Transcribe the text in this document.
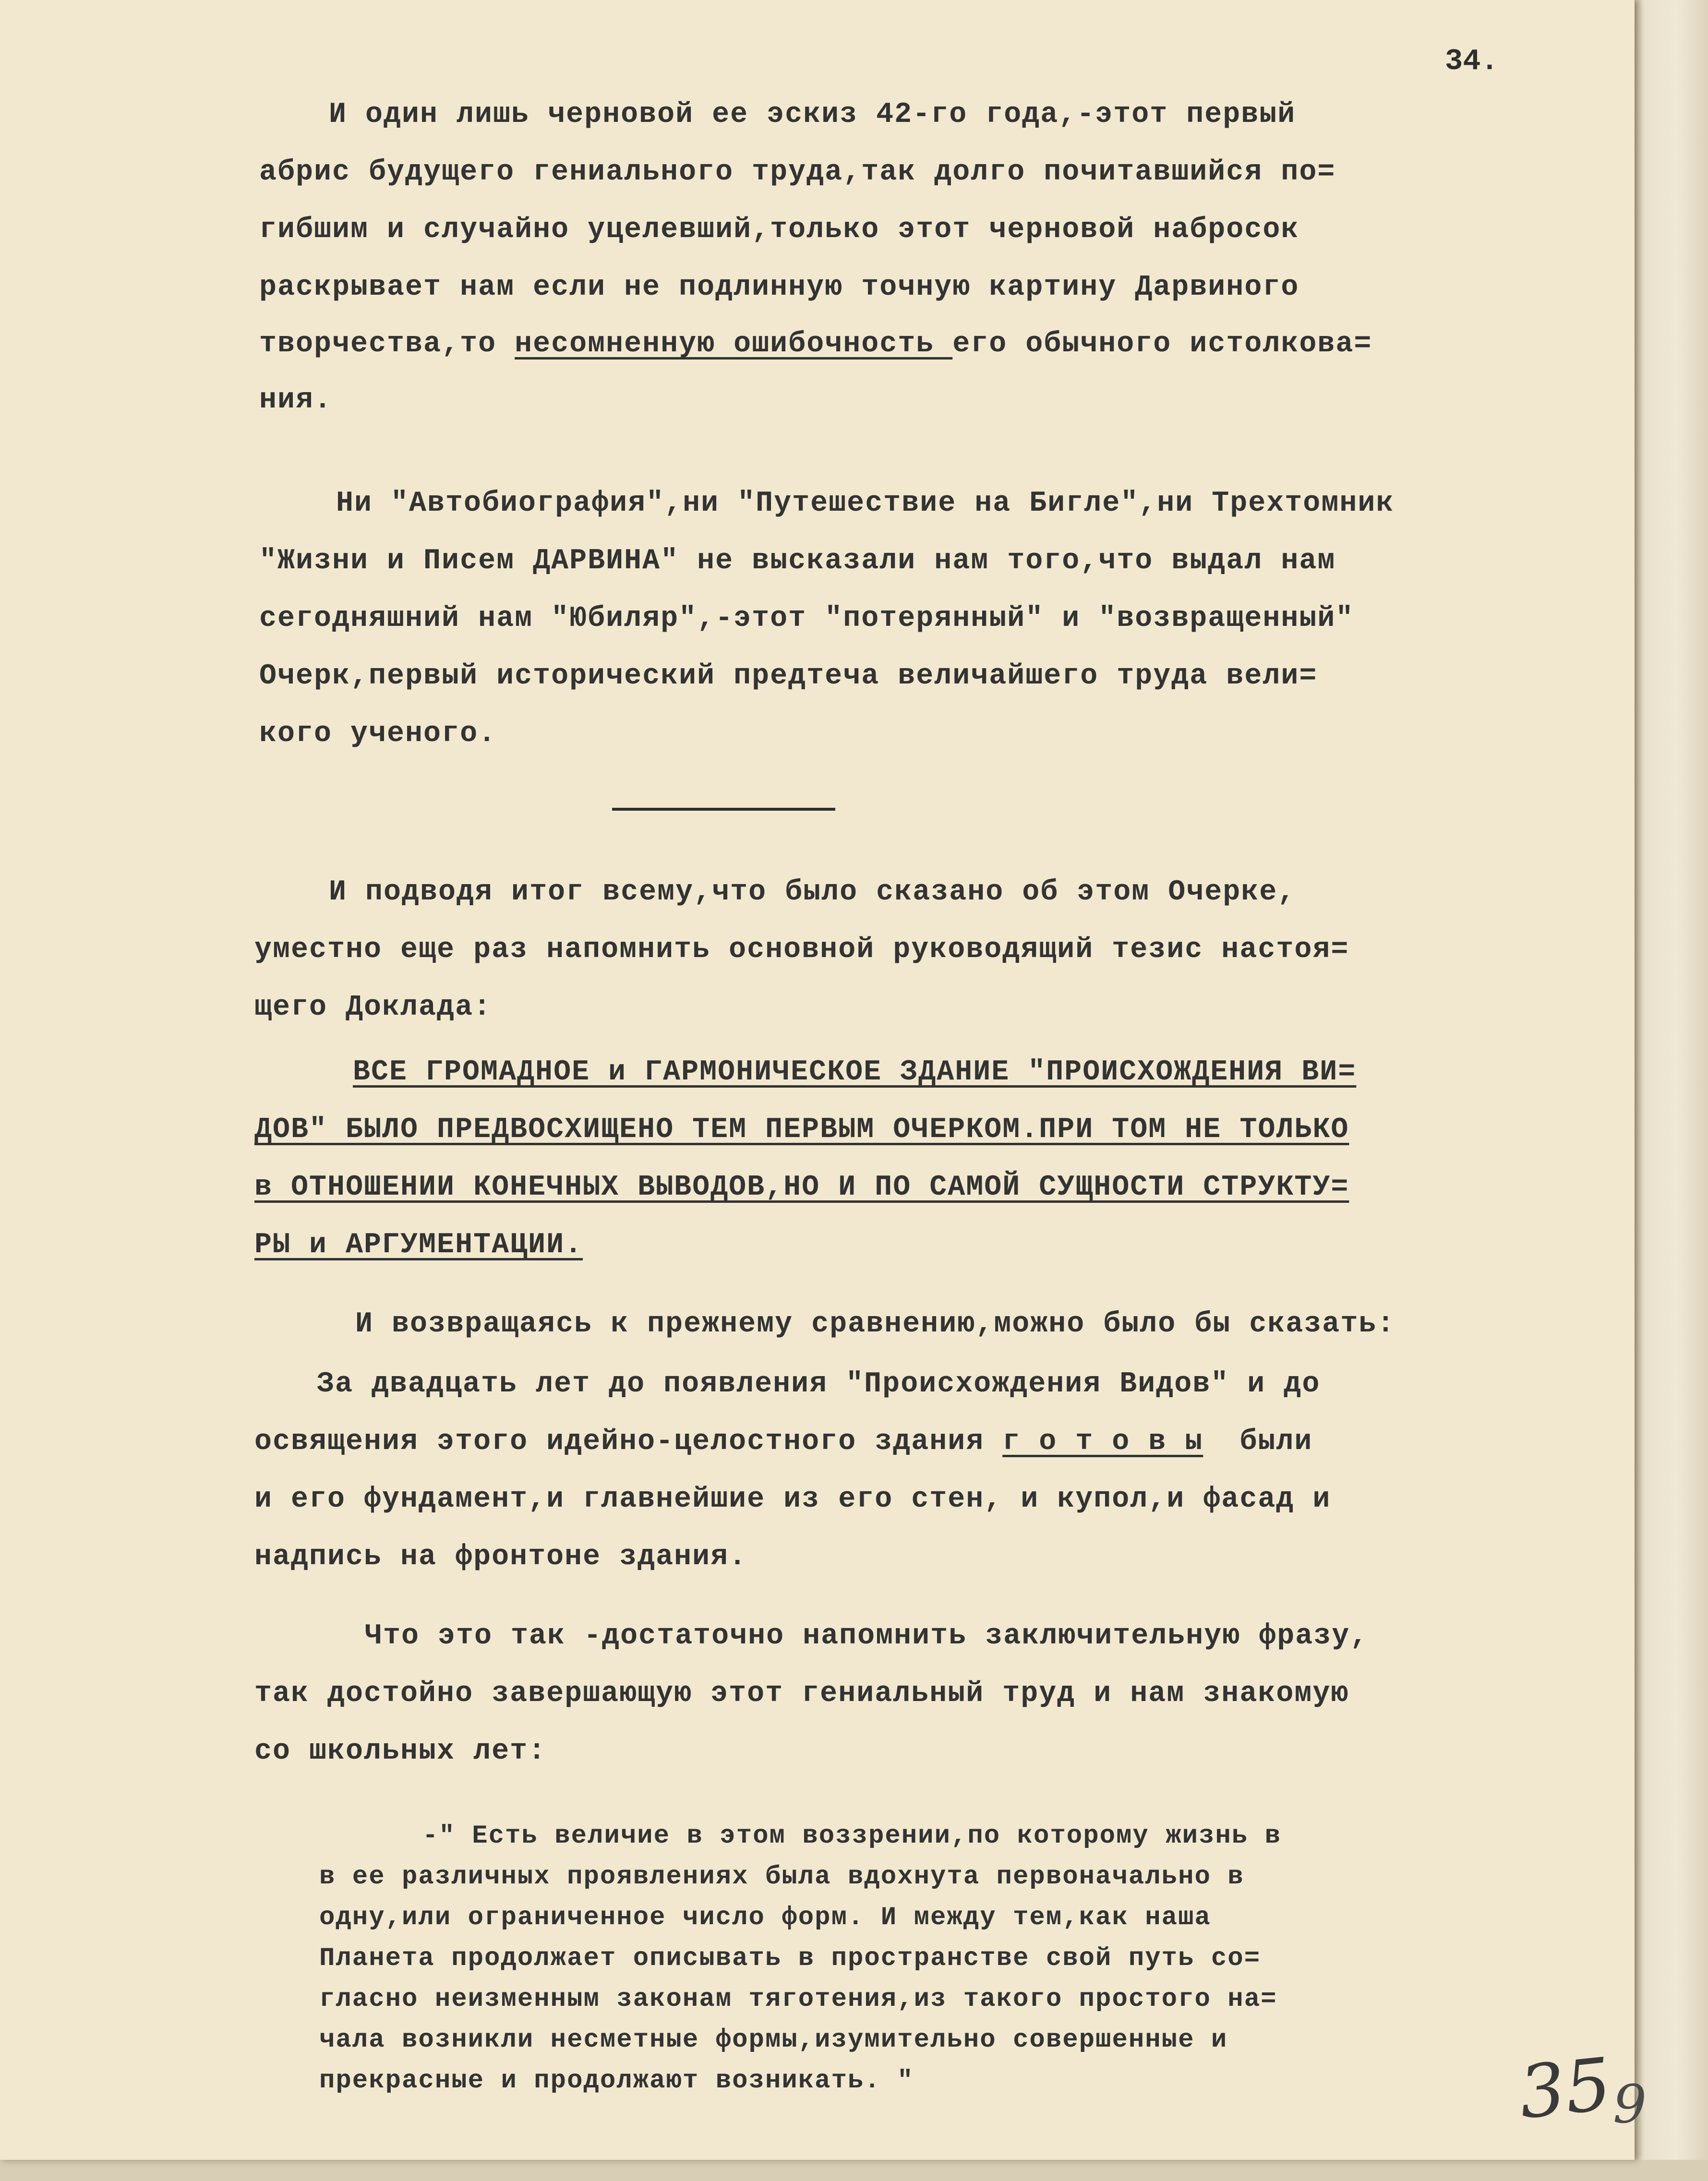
34.
И один лишь черновой ее эскиз 42-го года,-этот первый
абрис будущего гениального труда,так долго почитавшийся по=
гибшим и случайно уцелевший,только этот черновой набросок
раскрывает нам если не подлинную точную картину Дарвиного
творчества,то несомненную ошибочность его обычного истолкова=
ния.
Ни "Автобиография",ни "Путешествие на Бигле",ни Трехтомник
"Жизни и Писем ДАРВИНА" не высказали нам того,что выдал нам
сегодняшний нам "Юбиляр",-этот "потерянный" и "возвращенный"
Очерк,первый исторический предтеча величайшего труда вели=
кого ученого.
И подводя итог всему,что было сказано об этом Очерке,
уместно еще раз напомнить основной руководящий тезис настоя=
щего Доклада:
ВСЕ ГРОМАДНОЕ и ГАРМОНИЧЕСКОЕ ЗДАНИЕ "ПРОИСХОЖДЕНИЯ ВИ=
ДОВ" БЫЛО ПРЕДВОСХИЩЕНО ТЕМ ПЕРВЫМ ОЧЕРКОМ.ПРИ ТОМ НЕ ТОЛЬКО
в ОТНОШЕНИИ КОНЕЧНЫХ ВЫВОДОВ,НО И ПО САМОЙ СУЩНОСТИ СТРУКТУ=
РЫ и АРГУМЕНТАЦИИ.
И возвращаясь к прежнему сравнению,можно было бы сказать:
За двадцать лет до появления "Происхождения Видов" и до
освящения этого идейно-целостного здания г о т о в ы  были
и его фундамент,и главнейшие из его стен, и купол,и фасад и
надпись на фронтоне здания.
Что это так -достаточно напомнить заключительную фразу,
так достойно завершающую этот гениальный труд и нам знакомую
со школьных лет:
-" Есть величие в этом воззрении,по которому жизнь в
в ее различных проявлениях была вдохнута первоначально в
одну,или ограниченное число форм. И между тем,как наша
Планета продолжает описывать в пространстве свой путь со=
гласно неизменным законам тяготения,из такого простого на=
чала возникли несметные формы,изумительно совершенные и
прекрасные и продолжают возникать. "	35
9
